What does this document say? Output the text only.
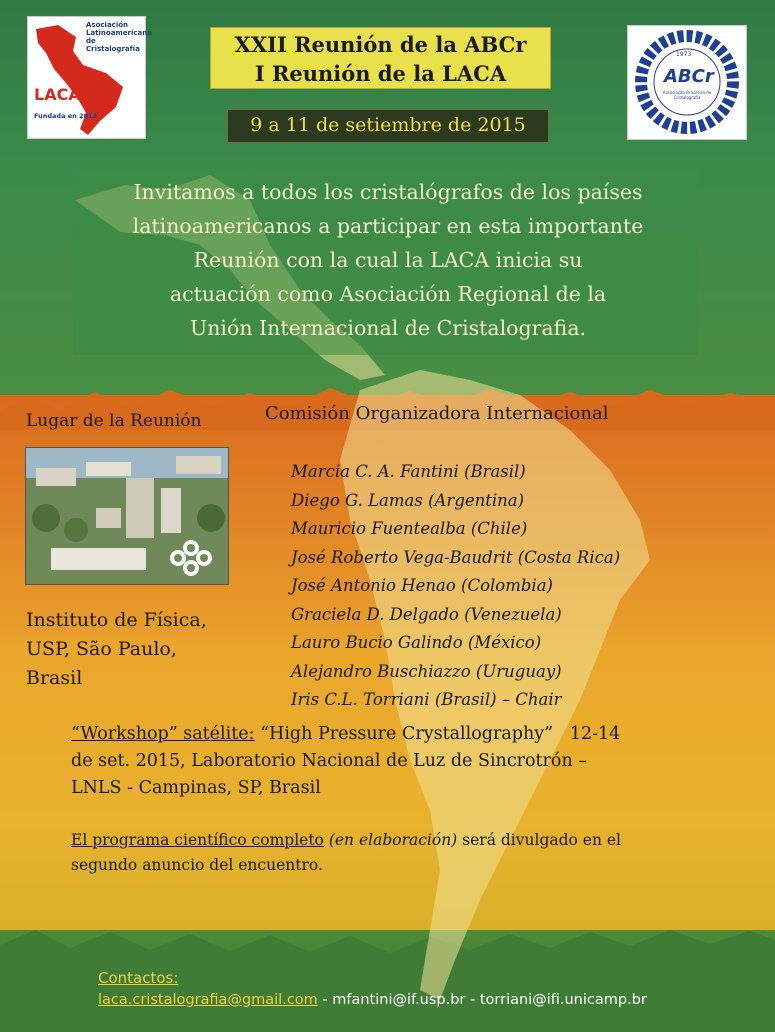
Asociación
Latinoamericana
de Cristalografía
LACA
Fundada en 2013
XXII Reunión de la ABCr
I Reunión de la LACA
9 a 11 de setiembre de 2015
1973
ABCr
Associação Brasileira de Cristalografia
Invitamos a todos los cristalógrafos de los países
latinoamericanos a participar en esta importante
Reunión con la cual la LACA inicia su
actuación como Asociación Regional de la
Unión Internacional de Cristalografia.
Lugar de la Reunión
Instituto de Física,
USP, São Paulo,
Brasil
Comisión Organizadora Internacional
Marcia C. A. Fantini (Brasil)
Diego G. Lamas (Argentina)
Mauricio Fuentealba (Chile)
José Roberto Vega-Baudrit (Costa Rica)
José Antonio Henao (Colombia)
Graciela D. Delgado (Venezuela)
Lauro Bucio Galindo (México)
Alejandro Buschiazzo (Uruguay)
Iris C.L. Torriani (Brasil) – Chair
“Workshop” satélite: “High Pressure Crystallography” 12-14
de set. 2015, Laboratorio Nacional de Luz de Sincrotrón –
LNLS - Campinas, SP, Brasil
El programa científico completo (en elaboración) será divulgado en el
segundo anuncio del encuentro.
Contactos:
laca.cristalografia@gmail.com - mfantini@if.usp.br - torriani@ifi.unicamp.br
